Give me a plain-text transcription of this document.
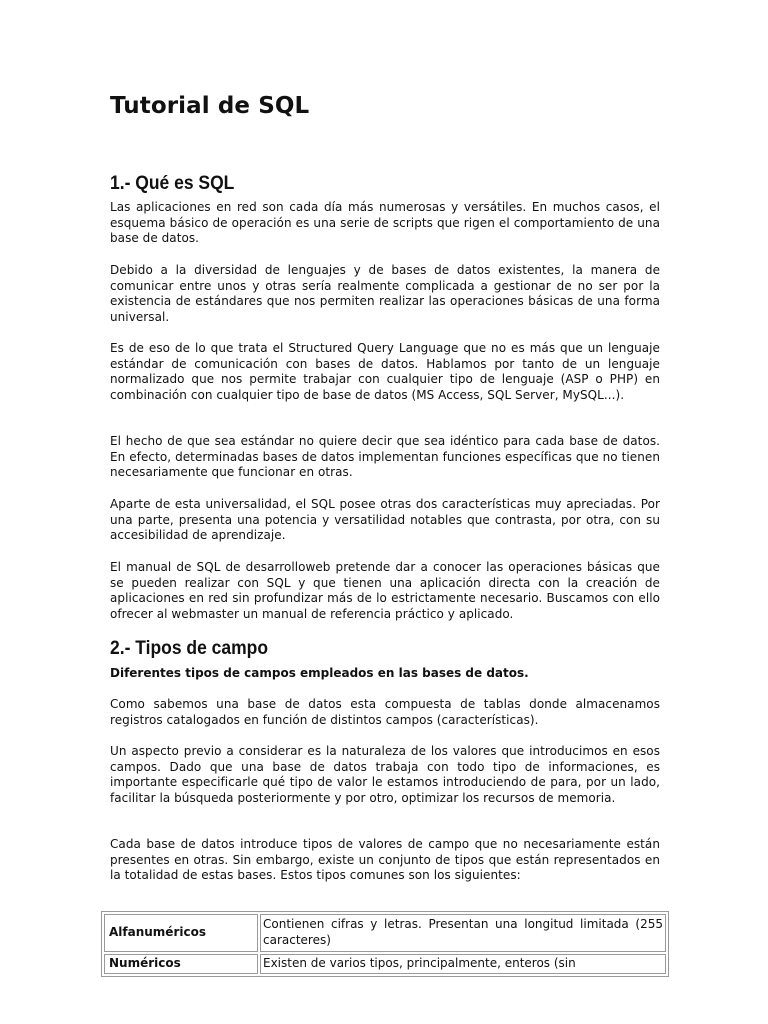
Tutorial de SQL
1.- Qué es SQL

Las aplicaciones en red son cada día más numerosas y versátiles. En muchos casos, el esquema básico de operación es una serie de scripts que rigen el comportamiento de una base de datos.

Debido a la diversidad de lenguajes y de bases de datos existentes, la manera de comunicar entre unos y otras sería realmente complicada a gestionar de no ser por la existencia de estándares que nos permiten realizar las operaciones básicas de una forma universal.

Es de eso de lo que trata el Structured Query Language que no es más que un lenguaje estándar de comunicación con bases de datos. Hablamos por tanto de un lenguaje normalizado que nos permite trabajar con cualquier tipo de lenguaje (ASP o PHP) en combinación con cualquier tipo de base de datos (MS Access, SQL Server, MySQL...).

El hecho de que sea estándar no quiere decir que sea idéntico para cada base de datos. En efecto, determinadas bases de datos implementan funciones específicas que no tienen necesariamente que funcionar en otras.

Aparte de esta universalidad, el SQL posee otras dos características muy apreciadas. Por una parte, presenta una potencia y versatilidad notables que contrasta, por otra, con su accesibilidad de aprendizaje.

El manual de SQL de desarrolloweb pretende dar a conocer las operaciones básicas que se pueden realizar con SQL y que tienen una aplicación directa con la creación de aplicaciones en red sin profundizar más de lo estrictamente necesario. Buscamos con ello ofrecer al webmaster un manual de referencia práctico y aplicado.

2.- Tipos de campo

Diferentes tipos de campos empleados en las bases de datos.

Como sabemos una base de datos esta compuesta de tablas donde almacenamos registros catalogados en función de distintos campos (características).

Un aspecto previo a considerar es la naturaleza de los valores que introducimos en esos campos. Dado que una base de datos trabaja con todo tipo de informaciones, es importante especificarle qué tipo de valor le estamos introduciendo de para, por un lado, facilitar la búsqueda posteriormente y por otro, optimizar los recursos de memoria.

Cada base de datos introduce tipos de valores de campo que no necesariamente están presentes en otras. Sin embargo, existe un conjunto de tipos que están representados en la totalidad de estas bases. Estos tipos comunes son los siguientes:

Alfanuméricos	Contienen cifras y letras. Presentan una longitud limitada (255 caracteres)
Numéricos	Existen de varios tipos, principalmente, enteros (sin
